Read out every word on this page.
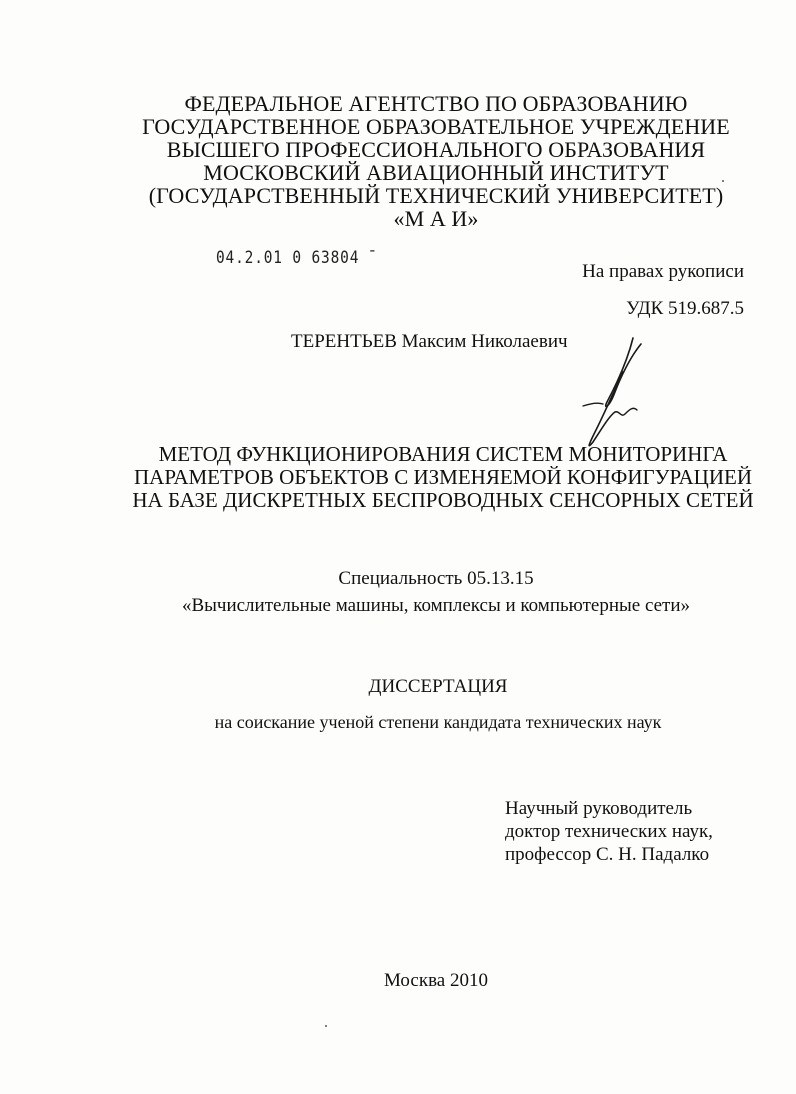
ФЕДЕРАЛЬНОЕ АГЕНТСТВО ПО ОБРАЗОВАНИЮ
ГОСУДАРСТВЕННОЕ ОБРАЗОВАТЕЛЬНОЕ УЧРЕЖДЕНИЕ
ВЫСШЕГО ПРОФЕССИОНАЛЬНОГО ОБРАЗОВАНИЯ
МОСКОВСКИЙ АВИАЦИОННЫЙ ИНСТИТУТ
(ГОСУДАРСТВЕННЫЙ ТЕХНИЧЕСКИЙ УНИВЕРСИТЕТ)
«М А И»
04.2.01 0 63804 ̄
На правах рукописи
УДК 519.687.5
ТЕРЕНТЬЕВ Максим Николаевич
МЕТОД ФУНКЦИОНИРОВАНИЯ СИСТЕМ МОНИТОРИНГА
ПАРАМЕТРОВ ОБЪЕКТОВ С ИЗМЕНЯЕМОЙ КОНФИГУРАЦИЕЙ
НА БАЗЕ ДИСКРЕТНЫХ БЕСПРОВОДНЫХ СЕНСОРНЫХ СЕТЕЙ
Специальность 05.13.15
«Вычислительные машины, комплексы и компьютерные сети»
ДИССЕРТАЦИЯ
на соискание ученой степени кандидата технических наук
Научный руководитель
доктор технических наук,
профессор С. Н. Падалко
Москва 2010
